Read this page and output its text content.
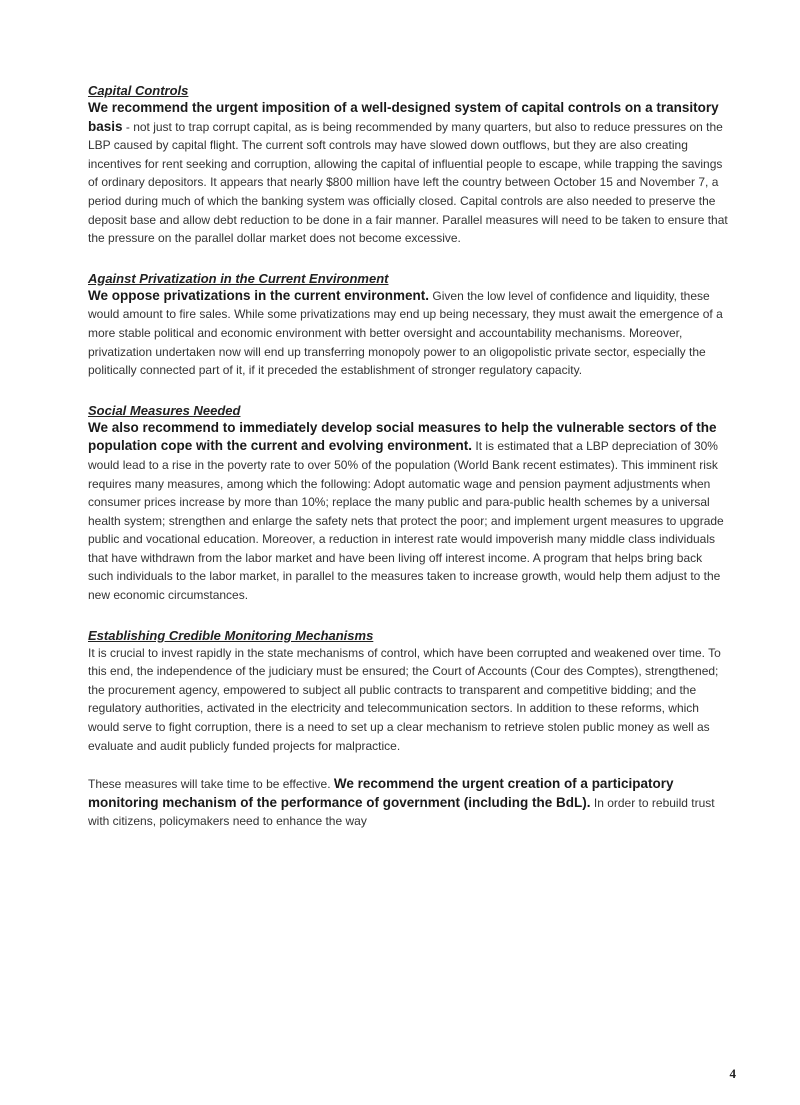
Capital Controls

We recommend the urgent imposition of a well-designed system of capital controls on a transitory basis - not just to trap corrupt capital, as is being recommended by many quarters, but also to reduce pressures on the LBP caused by capital flight. The current soft controls may have slowed down outflows, but they are also creating incentives for rent seeking and corruption, allowing the capital of influential people to escape, while trapping the savings of ordinary depositors. It appears that nearly $800 million have left the country between October 15 and November 7, a period during much of which the banking system was officially closed. Capital controls are also needed to preserve the deposit base and allow debt reduction to be done in a fair manner. Parallel measures will need to be taken to ensure that the pressure on the parallel dollar market does not become excessive.

Against Privatization in the Current Environment

We oppose privatizations in the current environment. Given the low level of confidence and liquidity, these would amount to fire sales. While some privatizations may end up being necessary, they must await the emergence of a more stable political and economic environment with better oversight and accountability mechanisms. Moreover, privatization undertaken now will end up transferring monopoly power to an oligopolistic private sector, especially the politically connected part of it, if it preceded the establishment of stronger regulatory capacity.

Social Measures Needed

We also recommend to immediately develop social measures to help the vulnerable sectors of the population cope with the current and evolving environment. It is estimated that a LBP depreciation of 30% would lead to a rise in the poverty rate to over 50% of the population (World Bank recent estimates). This imminent risk requires many measures, among which the following: Adopt automatic wage and pension payment adjustments when consumer prices increase by more than 10%; replace the many public and para-public health schemes by a universal health system; strengthen and enlarge the safety nets that protect the poor; and implement urgent measures to upgrade public and vocational education. Moreover, a reduction in interest rate would impoverish many middle class individuals that have withdrawn from the labor market and have been living off interest income. A program that helps bring back such individuals to the labor market, in parallel to the measures taken to increase growth, would help them adjust to the new economic circumstances.

Establishing Credible Monitoring Mechanisms

It is crucial to invest rapidly in the state mechanisms of control, which have been corrupted and weakened over time. To this end, the independence of the judiciary must be ensured; the Court of Accounts (Cour des Comptes), strengthened; the procurement agency, empowered to subject all public contracts to transparent and competitive bidding; and the regulatory authorities, activated in the electricity and telecommunication sectors. In addition to these reforms, which would serve to fight corruption, there is a need to set up a clear mechanism to retrieve stolen public money as well as evaluate and audit publicly funded projects for malpractice.

These measures will take time to be effective. We recommend the urgent creation of a participatory monitoring mechanism of the performance of government (including the BdL). In order to rebuild trust with citizens, policymakers need to enhance the way

4
